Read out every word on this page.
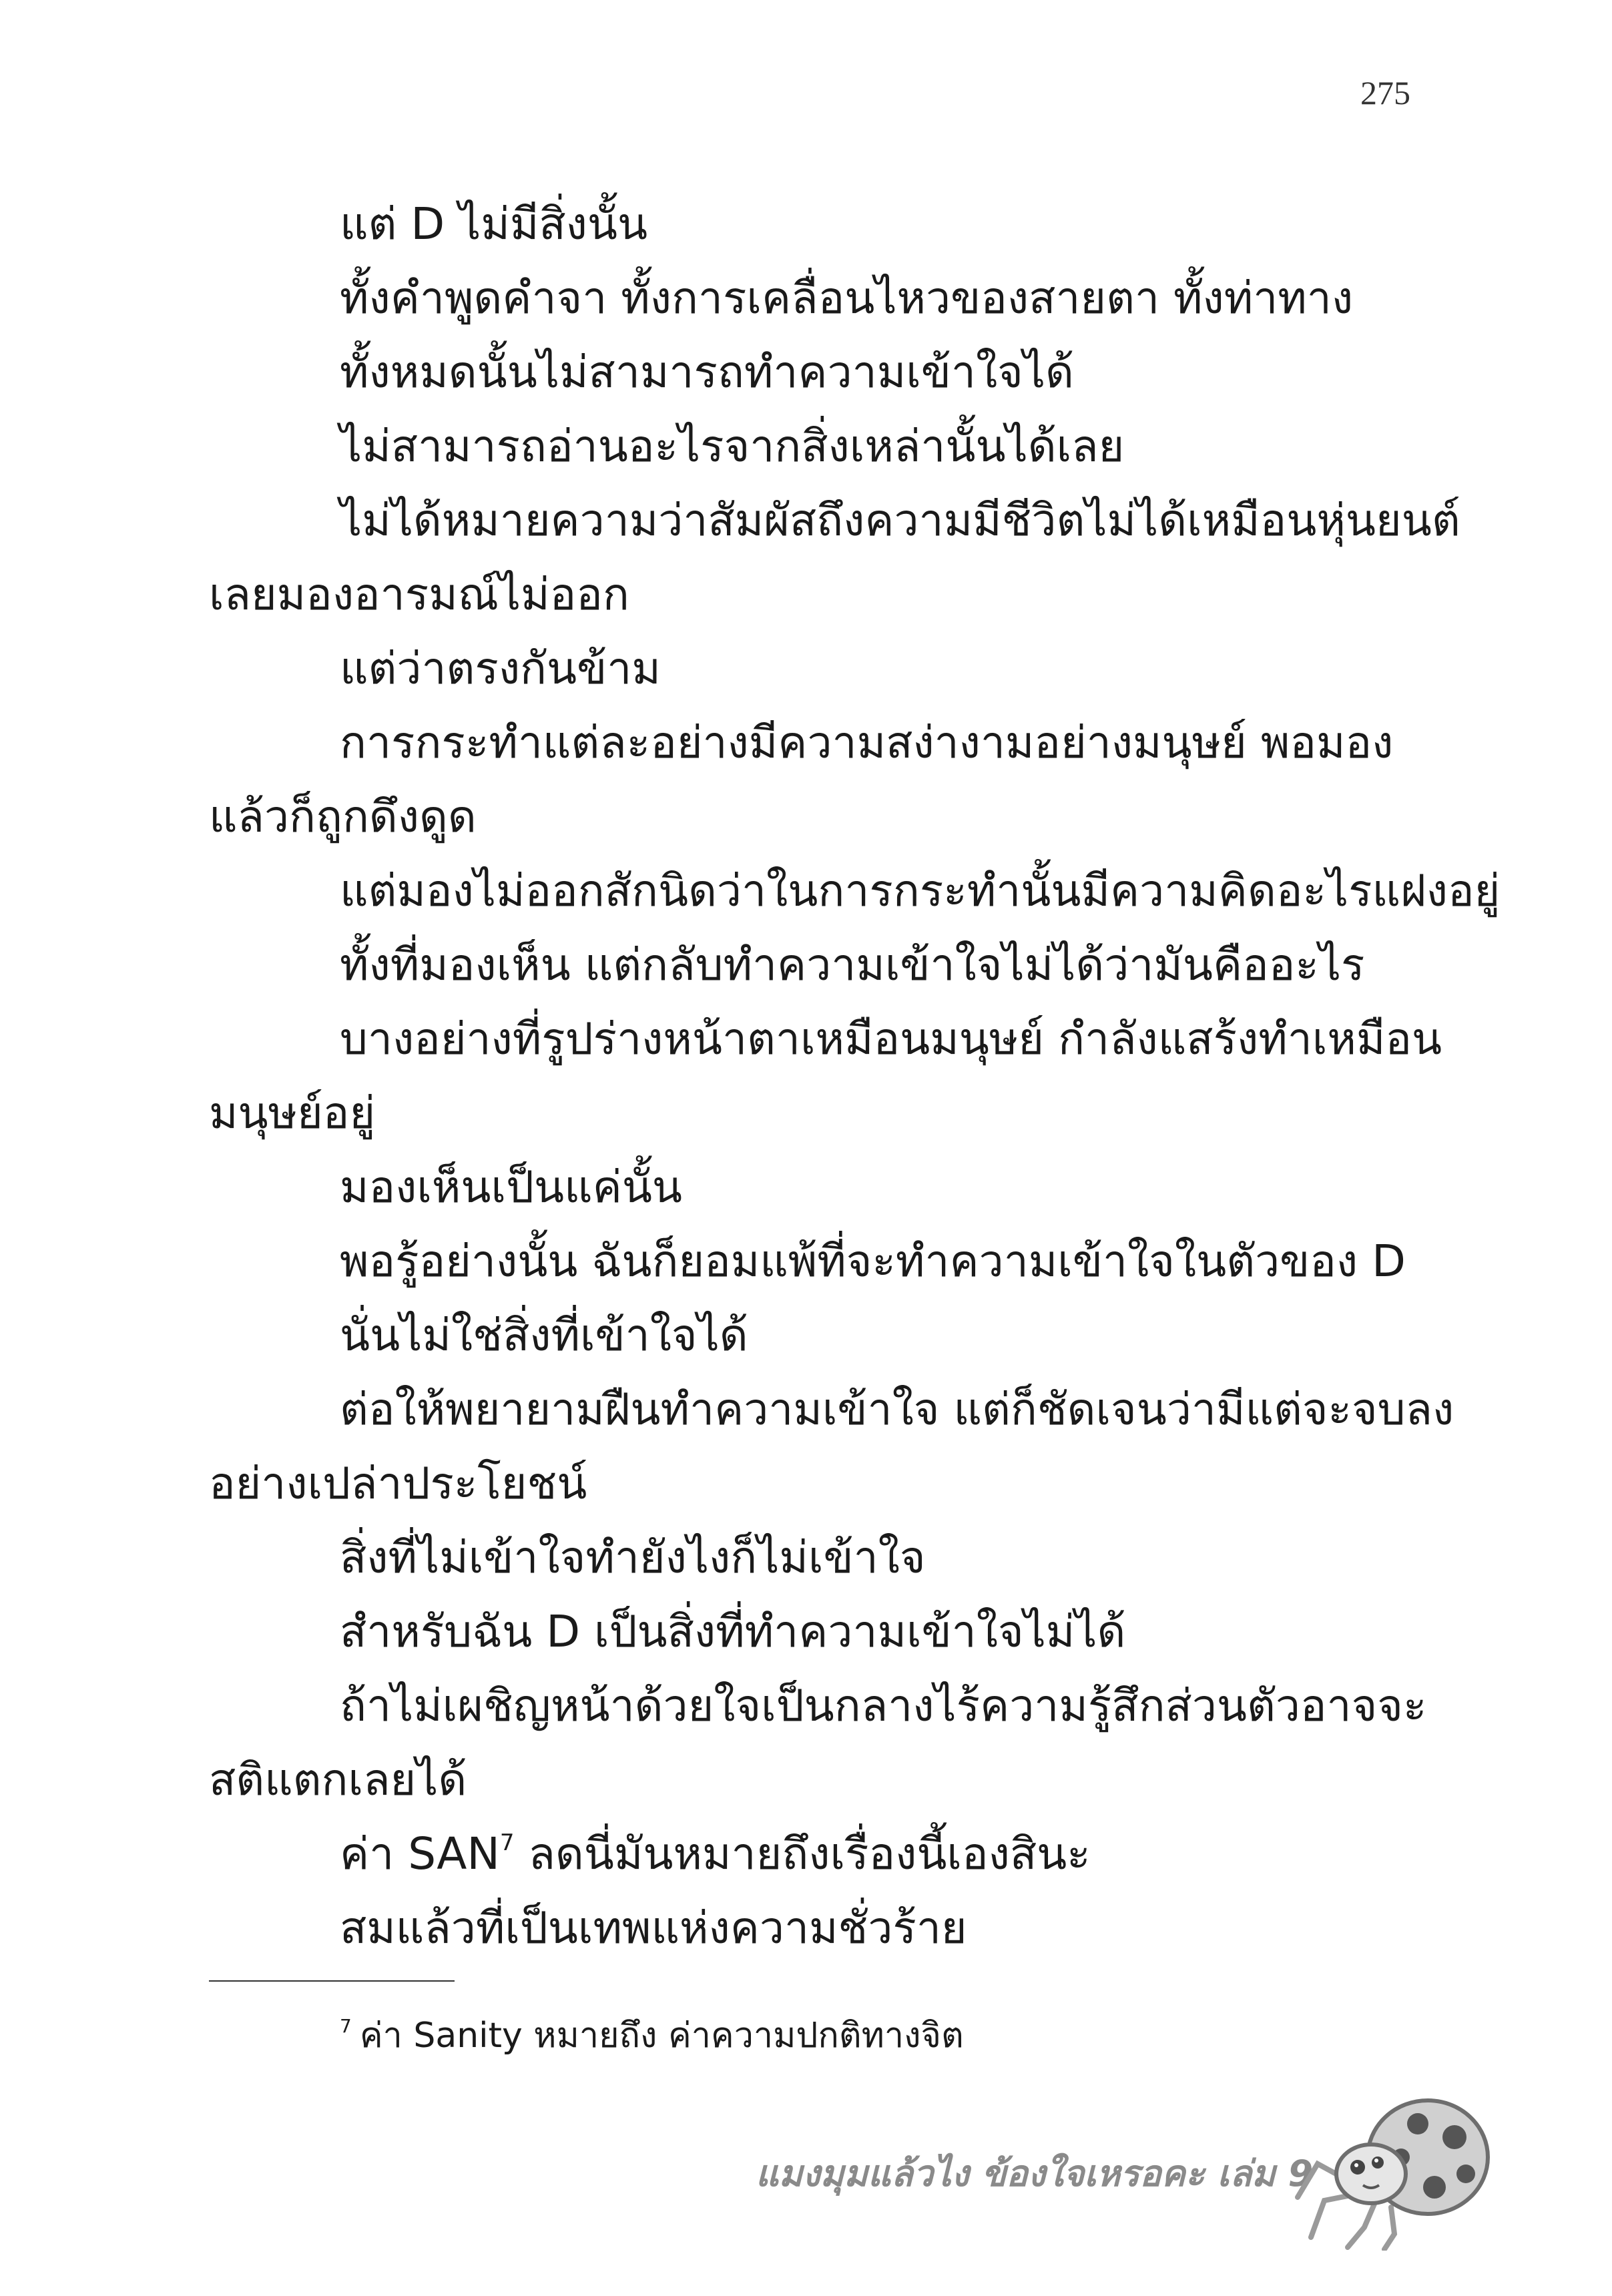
275
แต่ D ไม่มีสิ่งนั้น
ทั้งคำพูดคำจา ทั้งการเคลื่อนไหวของสายตา ทั้งท่าทาง
ทั้งหมดนั้นไม่สามารถทำความเข้าใจได้
ไม่สามารถอ่านอะไรจากสิ่งเหล่านั้นได้เลย
ไม่ได้หมายความว่าสัมผัสถึงความมีชีวิตไม่ได้เหมือนหุ่นยนต์
เลยมองอารมณ์ไม่ออก
แต่ว่าตรงกันข้าม
การกระทำแต่ละอย่างมีความสง่างามอย่างมนุษย์ พอมอง
แล้วก็ถูกดึงดูด
แต่มองไม่ออกสักนิดว่าในการกระทำนั้นมีความคิดอะไรแฝงอยู่
ทั้งที่มองเห็น แต่กลับทำความเข้าใจไม่ได้ว่ามันคืออะไร
บางอย่างที่รูปร่างหน้าตาเหมือนมนุษย์ กำลังแสร้งทำเหมือน
มนุษย์อยู่
มองเห็นเป็นแค่นั้น
พอรู้อย่างนั้น ฉันก็ยอมแพ้ที่จะทำความเข้าใจในตัวของ D
นั่นไม่ใช่สิ่งที่เข้าใจได้
ต่อให้พยายามฝืนทำความเข้าใจ แต่ก็ชัดเจนว่ามีแต่จะจบลง
อย่างเปล่าประโยชน์
สิ่งที่ไม่เข้าใจทำยังไงก็ไม่เข้าใจ
สำหรับฉัน D เป็นสิ่งที่ทำความเข้าใจไม่ได้
ถ้าไม่เผชิญหน้าด้วยใจเป็นกลางไร้ความรู้สึกส่วนตัวอาจจะ
สติแตกเลยได้
ค่า SAN$^7$ ลดนี่มันหมายถึงเรื่องนี้เองสินะ
สมแล้วที่เป็นเทพแห่งความชั่วร้าย
$^7$ ค่า Sanity หมายถึง ค่าความปกติทางจิต
แมงมุมแล้วไง ข้องใจเหรอคะ เล่ม 9
